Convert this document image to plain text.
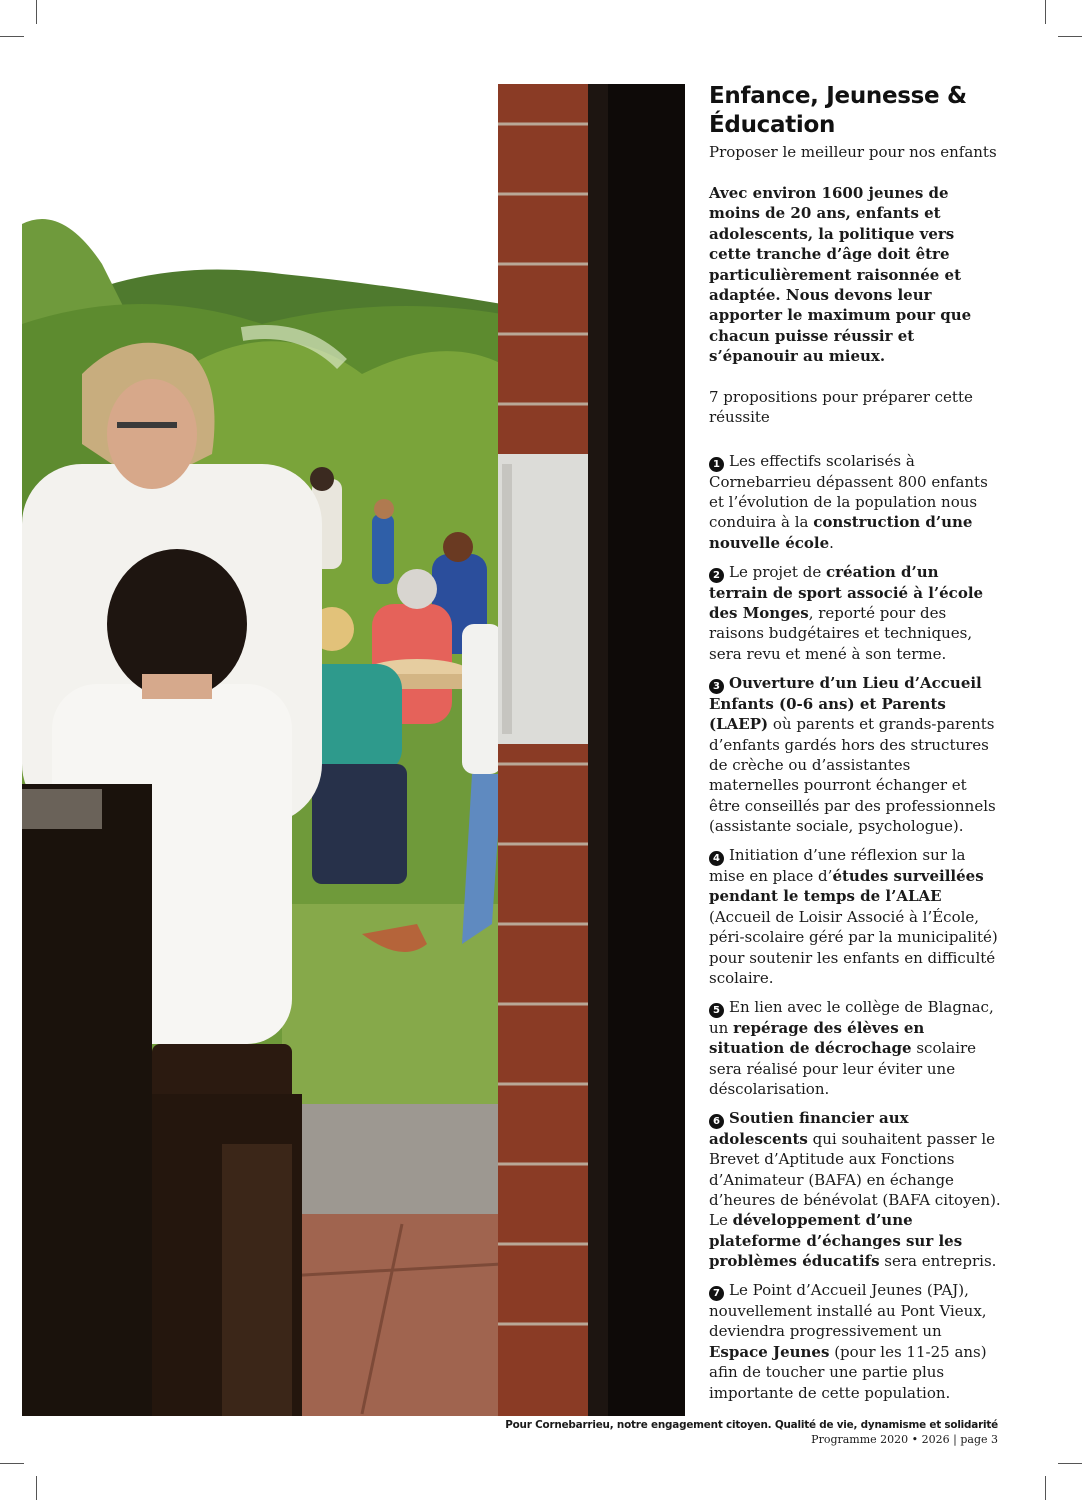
Enfance, Jeunesse &
Éducation

Proposer le meilleur pour nos enfants

Avec environ 1600 jeunes de moins de 20 ans, enfants et adolescents, la politique vers cette tranche d’âge doit être particulièrement raisonnée et adaptée. Nous devons leur apporter le maximum pour que chacun puisse réussir et s’épanouir au mieux.

7 propositions pour préparer cette réussite

1 Les effectifs scolarisés à Cornebarrieu dépassent 800 enfants et l’évolution de la population nous conduira à la construction d’une nouvelle école.

2 Le projet de création d’un terrain de sport associé à l’école des Monges, reporté pour des raisons budgétaires et techniques, sera revu et mené à son terme.

3 Ouverture d’un Lieu d’Accueil Enfants (0-6 ans) et Parents (LAEP) où parents et grands-parents d’enfants gardés hors des structures de crèche ou d’assistantes maternelles pourront échanger et être conseillés par des professionnels (assistante sociale, psychologue).

4 Initiation d’une réflexion sur la mise en place d’études surveillées pendant le temps de l’ALAE (Accueil de Loisir Associé à l’École, péri-scolaire géré par la municipalité) pour soutenir les enfants en difficulté scolaire.

5 En lien avec le collège de Blagnac, un repérage des élèves en situation de décrochage scolaire sera réalisé pour leur éviter une déscolarisation.

6 Soutien financier aux adolescents qui souhaitent passer le Brevet d’Aptitude aux Fonctions d’Animateur (BAFA) en échange d’heures de bénévolat (BAFA citoyen). Le développement d’une plateforme d’échanges sur les problèmes éducatifs sera entrepris.

7 Le Point d’Accueil Jeunes (PAJ), nouvellement installé au Pont Vieux, deviendra progressivement un Espace Jeunes (pour les 11-25 ans) afin de toucher une partie plus importante de cette population.

Pour Cornebarrieu, notre engagement citoyen. Qualité de vie, dynamisme et solidarité
Programme 2020 • 2026 | page 3
